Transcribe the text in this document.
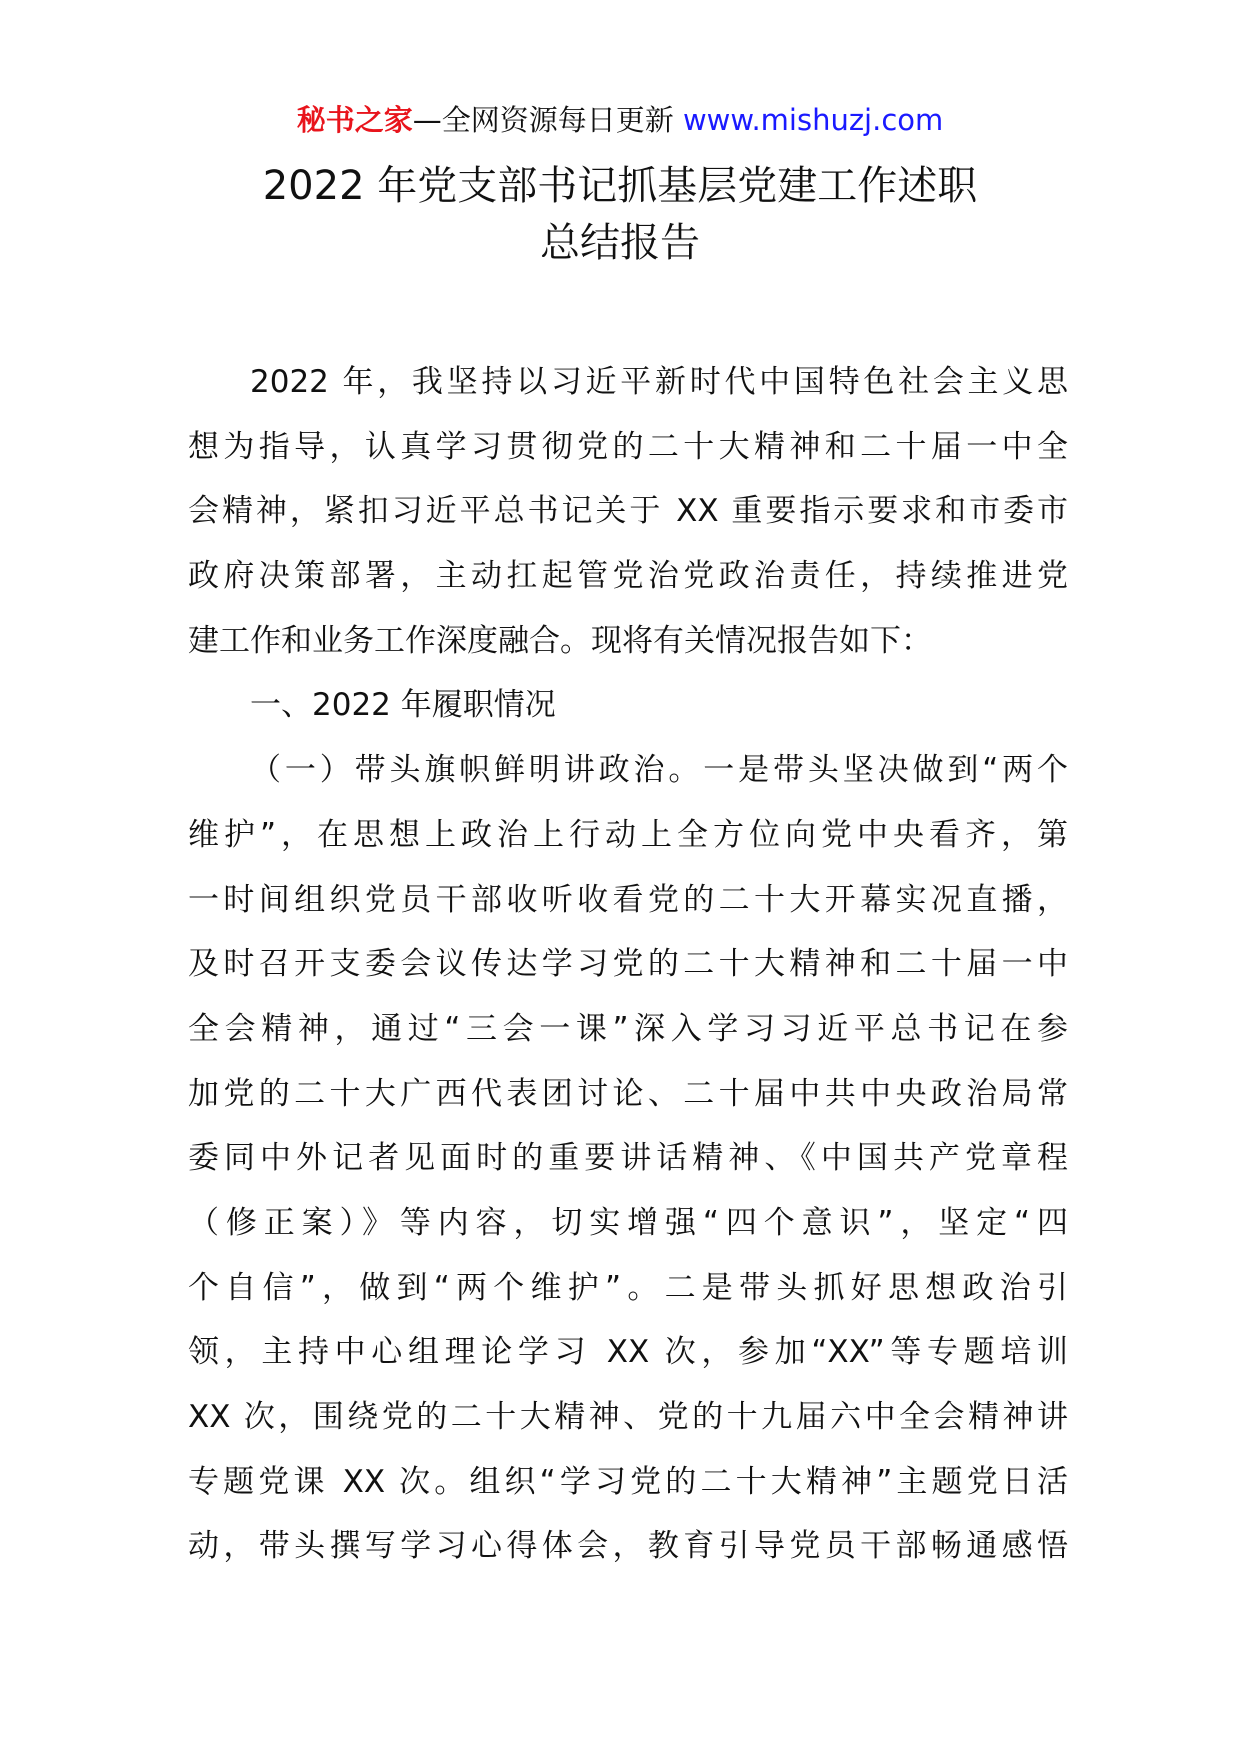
秘书之家—全网资源每日更新 www.mishuzj.com
2022 年党支部书记抓基层党建工作述职
总结报告
2022 年，我坚持以习近平新时代中国特色社会主义思
想为指导，认真学习贯彻党的二十大精神和二十届一中全
会精神，紧扣习近平总书记关于 XX 重要指示要求和市委市
政府决策部署，主动扛起管党治党政治责任，持续推进党
建工作和业务工作深度融合。现将有关情况报告如下：
一、2022 年履职情况
（一）带头旗帜鲜明讲政治。一是带头坚决做到“两个
维护”，在思想上政治上行动上全方位向党中央看齐，第
一时间组织党员干部收听收看党的二十大开幕实况直播，
及时召开支委会议传达学习党的二十大精神和二十届一中
全会精神，通过“三会一课”深入学习习近平总书记在参
加党的二十大广西代表团讨论、二十届中共中央政治局常
委同中外记者见面时的重要讲话精神、《中国共产党章程
（修正案）》等内容，切实增强“四个意识”，坚定“四
个自信”，做到“两个维护”。二是带头抓好思想政治引
领，主持中心组理论学习 XX 次，参加“XX”等专题培训
XX 次，围绕党的二十大精神、党的十九届六中全会精神讲
专题党课 XX 次。组织“学习党的二十大精神”主题党日活
动，带头撰写学习心得体会，教育引导党员干部畅通感悟
